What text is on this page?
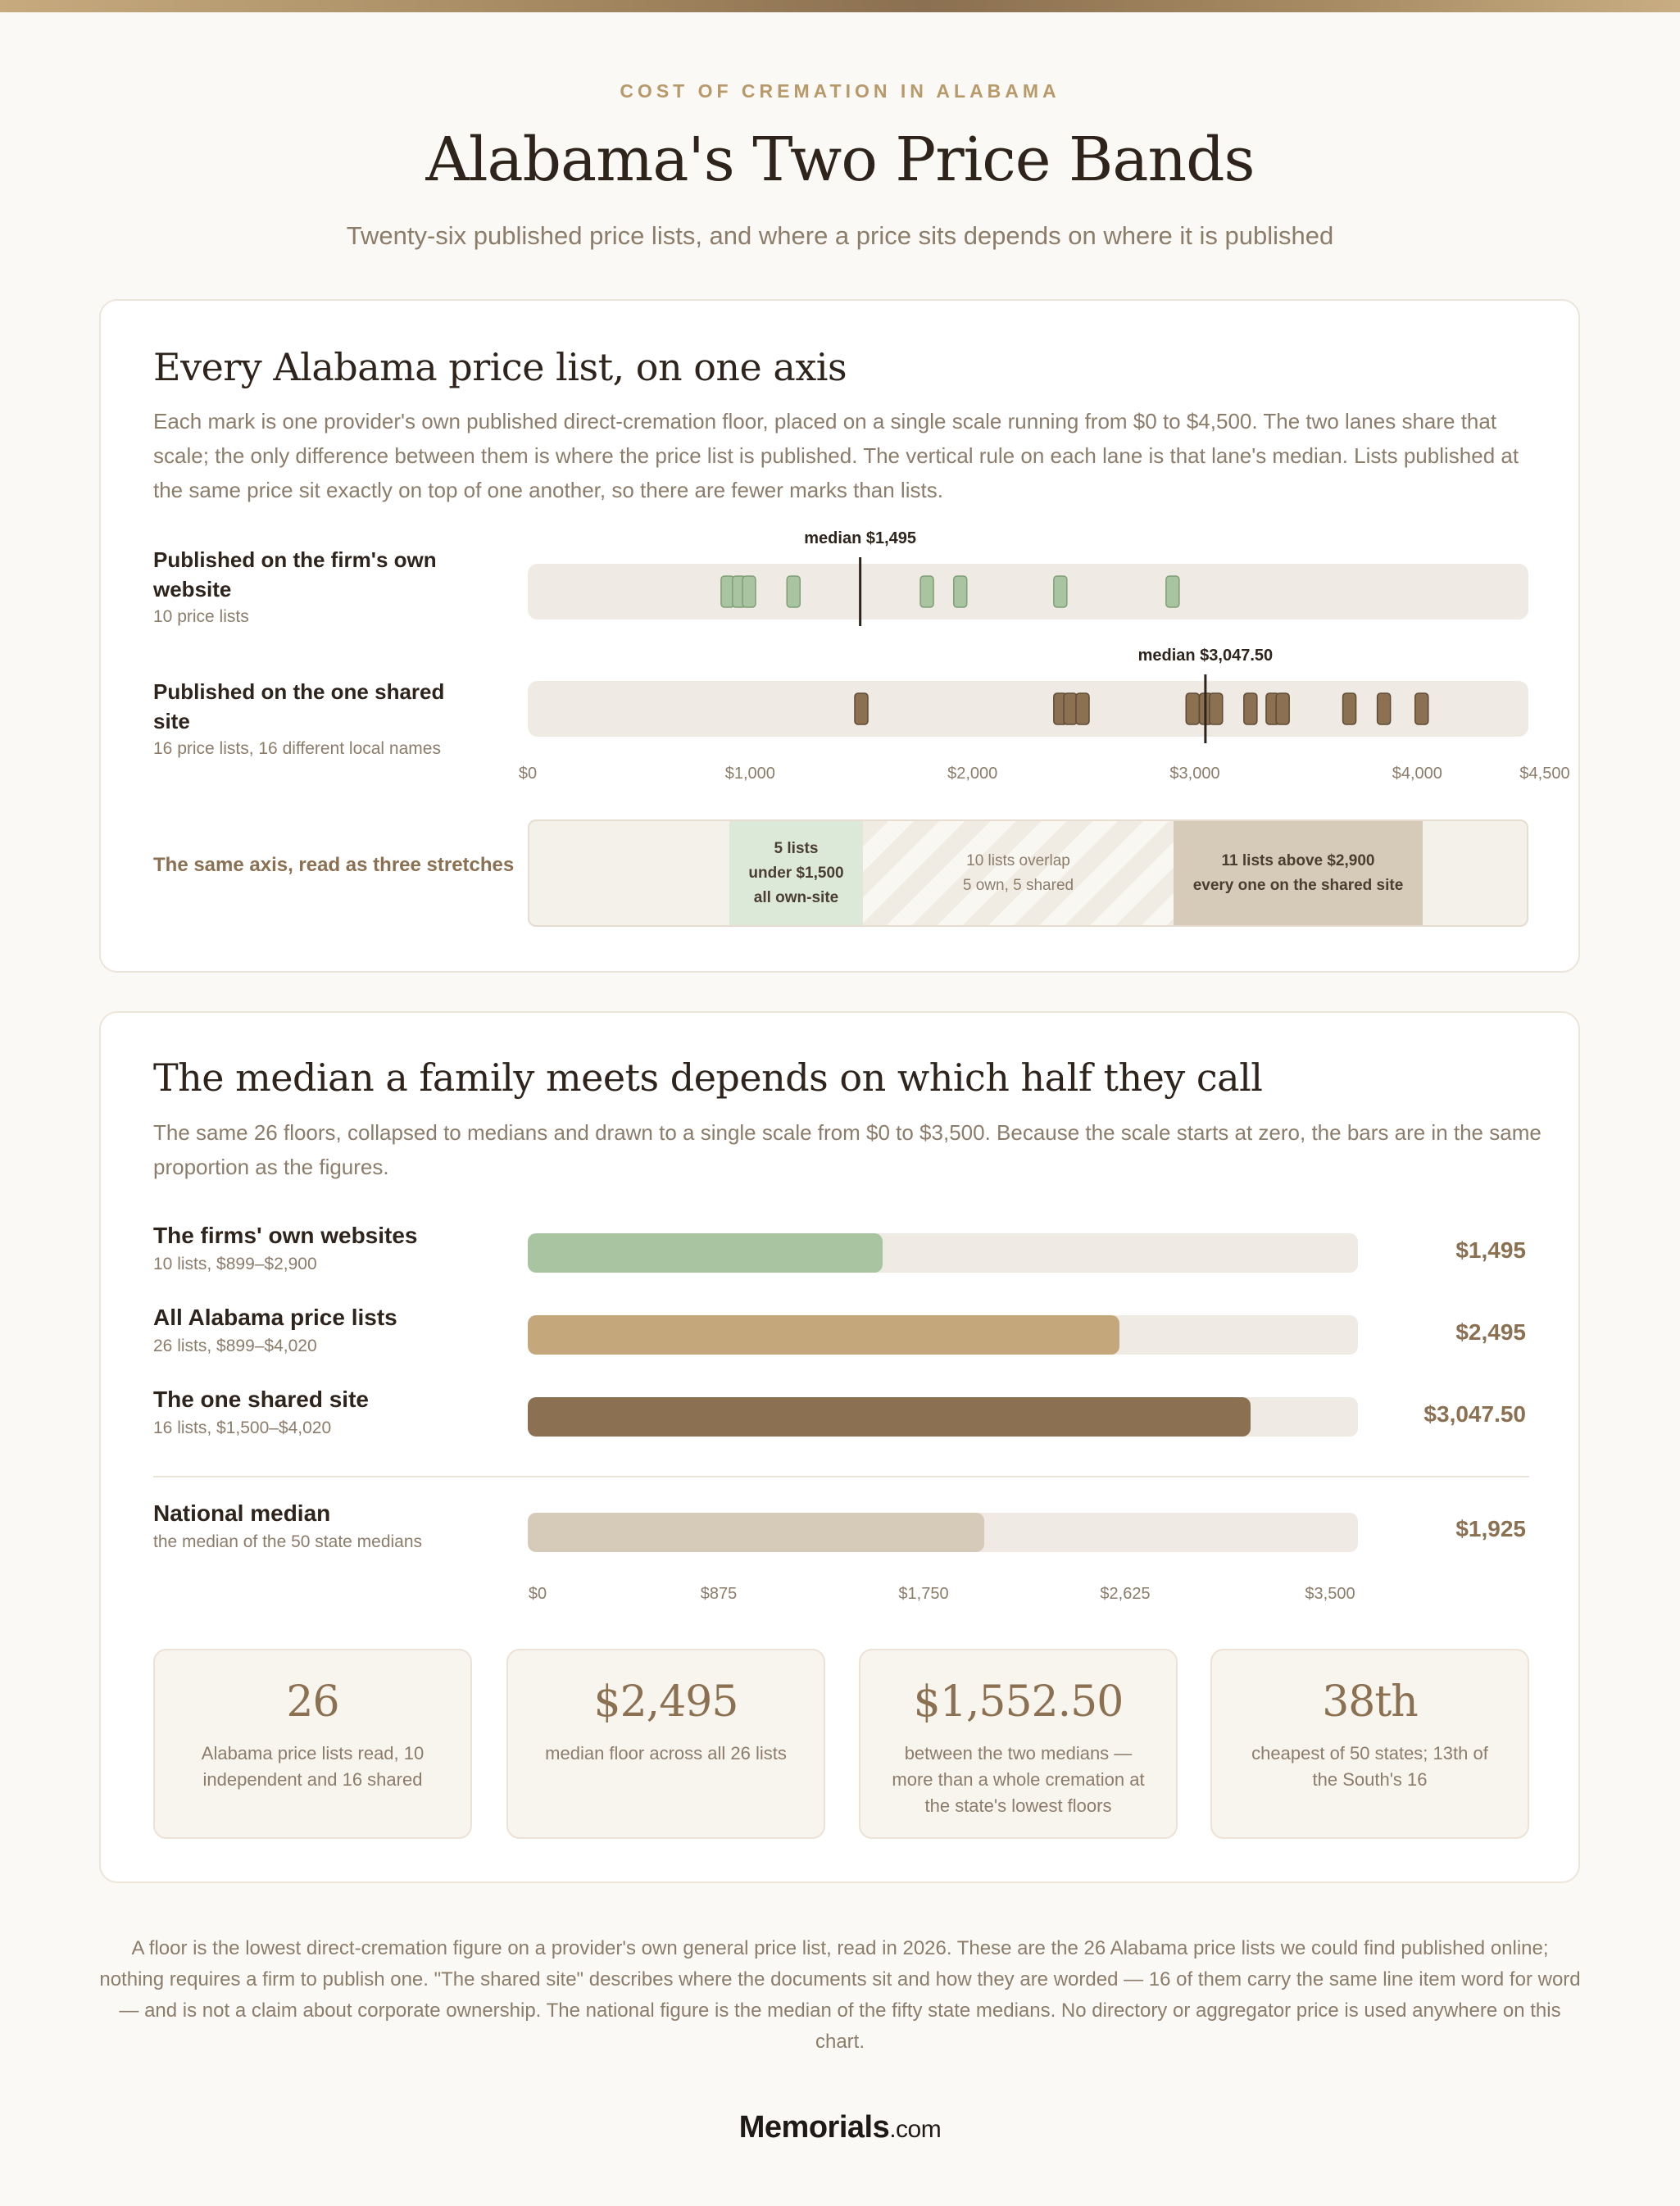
COST OF CREMATION IN ALABAMA
Alabama's Two Price Bands
Twenty-six published price lists, and where a price sits depends on where it is published
Every Alabama price list, on one axis
Each mark is one provider's own published direct-cremation floor, placed on a single scale running from $0 to $4,500. The two lanes share that scale; the only difference between them is where the price list is published. The vertical rule on each lane is that lane's median. Lists published at the same price sit exactly on top of one another, so there are fewer marks than lists.
Published on the firm's own website
10 price lists
Published on the one shared site
16 price lists, 16 different local names
median $1,495
median $3,047.50
$0	$1,000	$2,000	$3,000	$4,000	$4,500
The same axis, read as three stretches
5 lists
under $1,500
all own-site
10 lists overlap
5 own, 5 shared
11 lists above $2,900
every one on the shared site
The median a family meets depends on which half they call
The same 26 floors, collapsed to medians and drawn to a single scale from $0 to $3,500. Because the scale starts at zero, the bars are in the same proportion as the figures.
The firms' own websites
10 lists, $899–$2,900
$1,495
All Alabama price lists
26 lists, $899–$4,020
$2,495
The one shared site
16 lists, $1,500–$4,020
$3,047.50
National median
the median of the 50 state medians
$1,925
$0	$875	$1,750	$2,625	$3,500
26
Alabama price lists read, 10 independent and 16 shared
$2,495
median floor across all 26 lists
$1,552.50
between the two medians — more than a whole cremation at the state's lowest floors
38th
cheapest of 50 states; 13th of the South's 16
A floor is the lowest direct-cremation figure on a provider's own general price list, read in 2026. These are the 26 Alabama price lists we could find published online; nothing requires a firm to publish one. "The shared site" describes where the documents sit and how they are worded — 16 of them carry the same line item word for word — and is not a claim about corporate ownership. The national figure is the median of the fifty state medians. No directory or aggregator price is used anywhere on this chart.
Memorials.com
